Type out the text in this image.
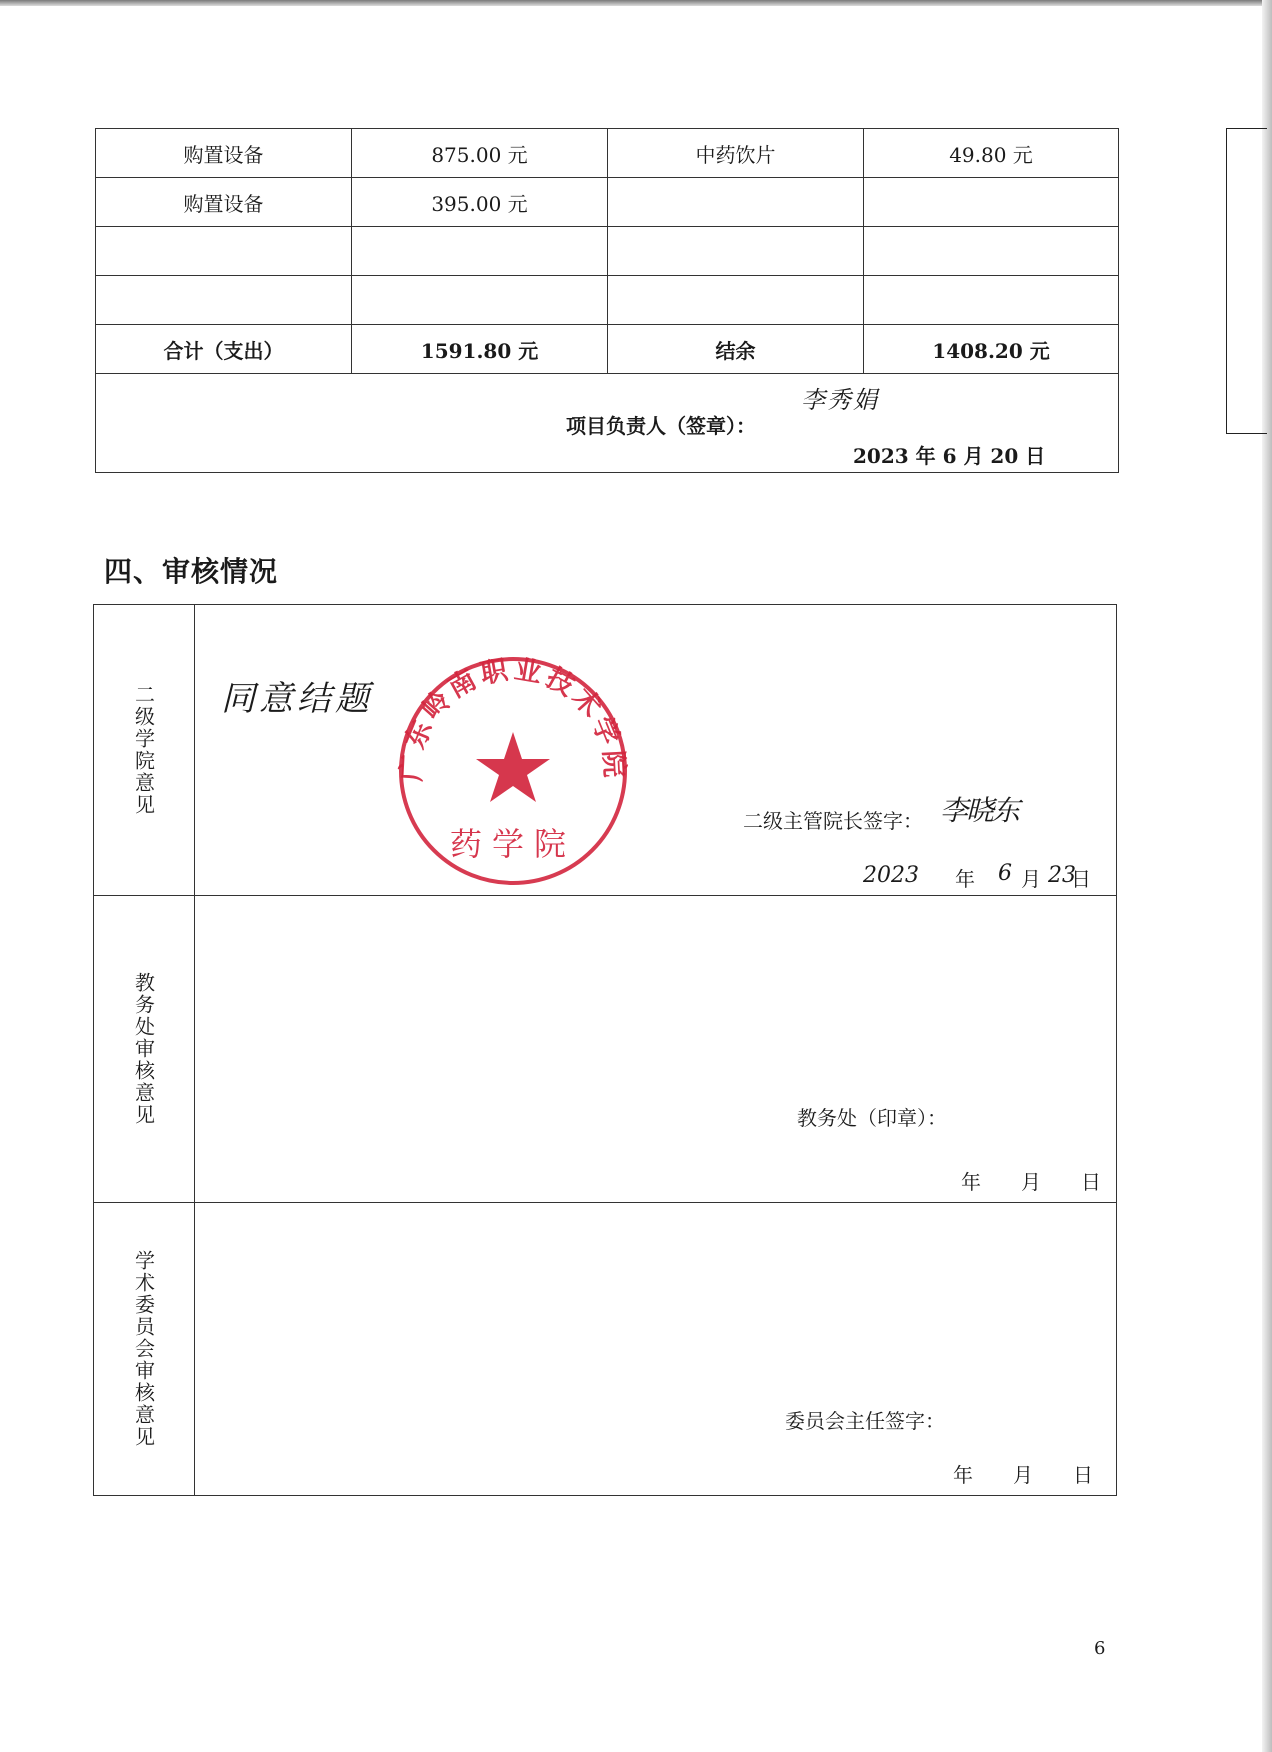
购置设备	875.00 元	中药饮片	49.80 元
购置设备	395.00 元
合计（支出）	1591.80 元	结余	1408.20 元
项目负责人（签章）：
李秀娟
2023 年 6 月 20 日
四、审核情况
二级学院意见 同意结题
广东岭南职业技术学院
药学院
二级主管院长签字： 李晓东
2023 年 6 月 23
日
教务处审核意见	教务处（印章）：
年　　月　　日
学术委员会审核意见	委员会主任签字：
年　　月　　日
6
